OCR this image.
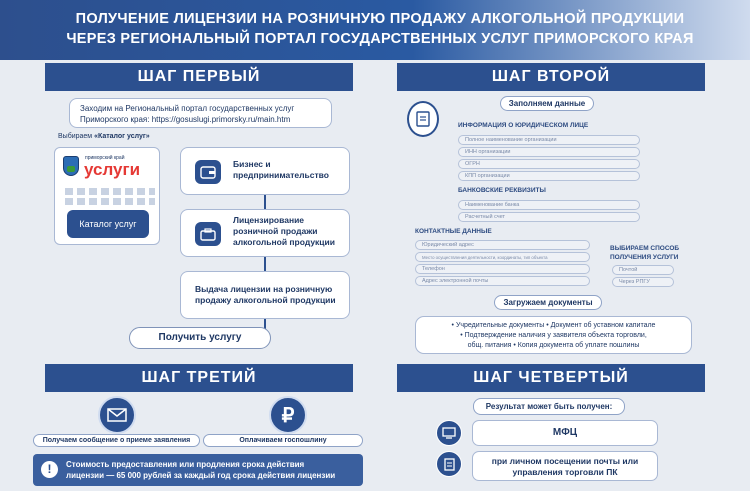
ПОЛУЧЕНИЕ ЛИЦЕНЗИИ НА РОЗНИЧНУЮ ПРОДАЖУ АЛКОГОЛЬНОЙ ПРОДУКЦИИ
ЧЕРЕЗ РЕГИОНАЛЬНЫЙ ПОРТАЛ ГОСУДАРСТВЕННЫХ УСЛУГ ПРИМОРСКОГО КРАЯ
ШАГ ПЕРВЫЙ
Заходим на Региональный портал государственных услуг
Приморского края: https://gosuslugi.primorsky.ru/main.htm
Выбираем «Каталог услуг»
приморский край
услуги
Каталог услуг
Бизнес и
предпринимательство
Лицензирование
розничной продажи
алкогольной продукции
Выдача лицензии на розничную
продажу алкогольной продукции
Получить услугу
ШАГ ВТОРОЙ
Заполняем данные
ИНФОРМАЦИЯ О ЮРИДИЧЕСКОМ ЛИЦЕ
Полное наименование организации
ИНН организации
ОГРН
КПП организации
БАНКОВСКИЕ РЕКВИЗИТЫ
Наименование банка
Расчетный счет
КОНТАКТНЫЕ ДАННЫЕ
Юридический адрес
Место осуществления деятельности, координаты, тип объекта
Телефон
Адрес электронной почты
ВЫБИРАЕМ СПОСОБ
ПОЛУЧЕНИЯ УСЛУГИ
Почтой
Через РПГУ
Загружаем документы
• Учредительные документы • Документ об уставном капитале
• Подтверждение наличия у заявителя объекта торговли,
общ. питания • Копия документа об уплате пошлины
ШАГ ТРЕТИЙ
₽
Получаем сообщение о приеме заявления	Оплачиваем госпошлину
!	Стоимость предоставления или продления срока действия
лицензии — 65 000 рублей за каждый год срока действия лицензии
ШАГ ЧЕТВЕРТЫЙ
Результат может быть получен:
МФЦ
при личном посещении почты или
управления торговли ПК
